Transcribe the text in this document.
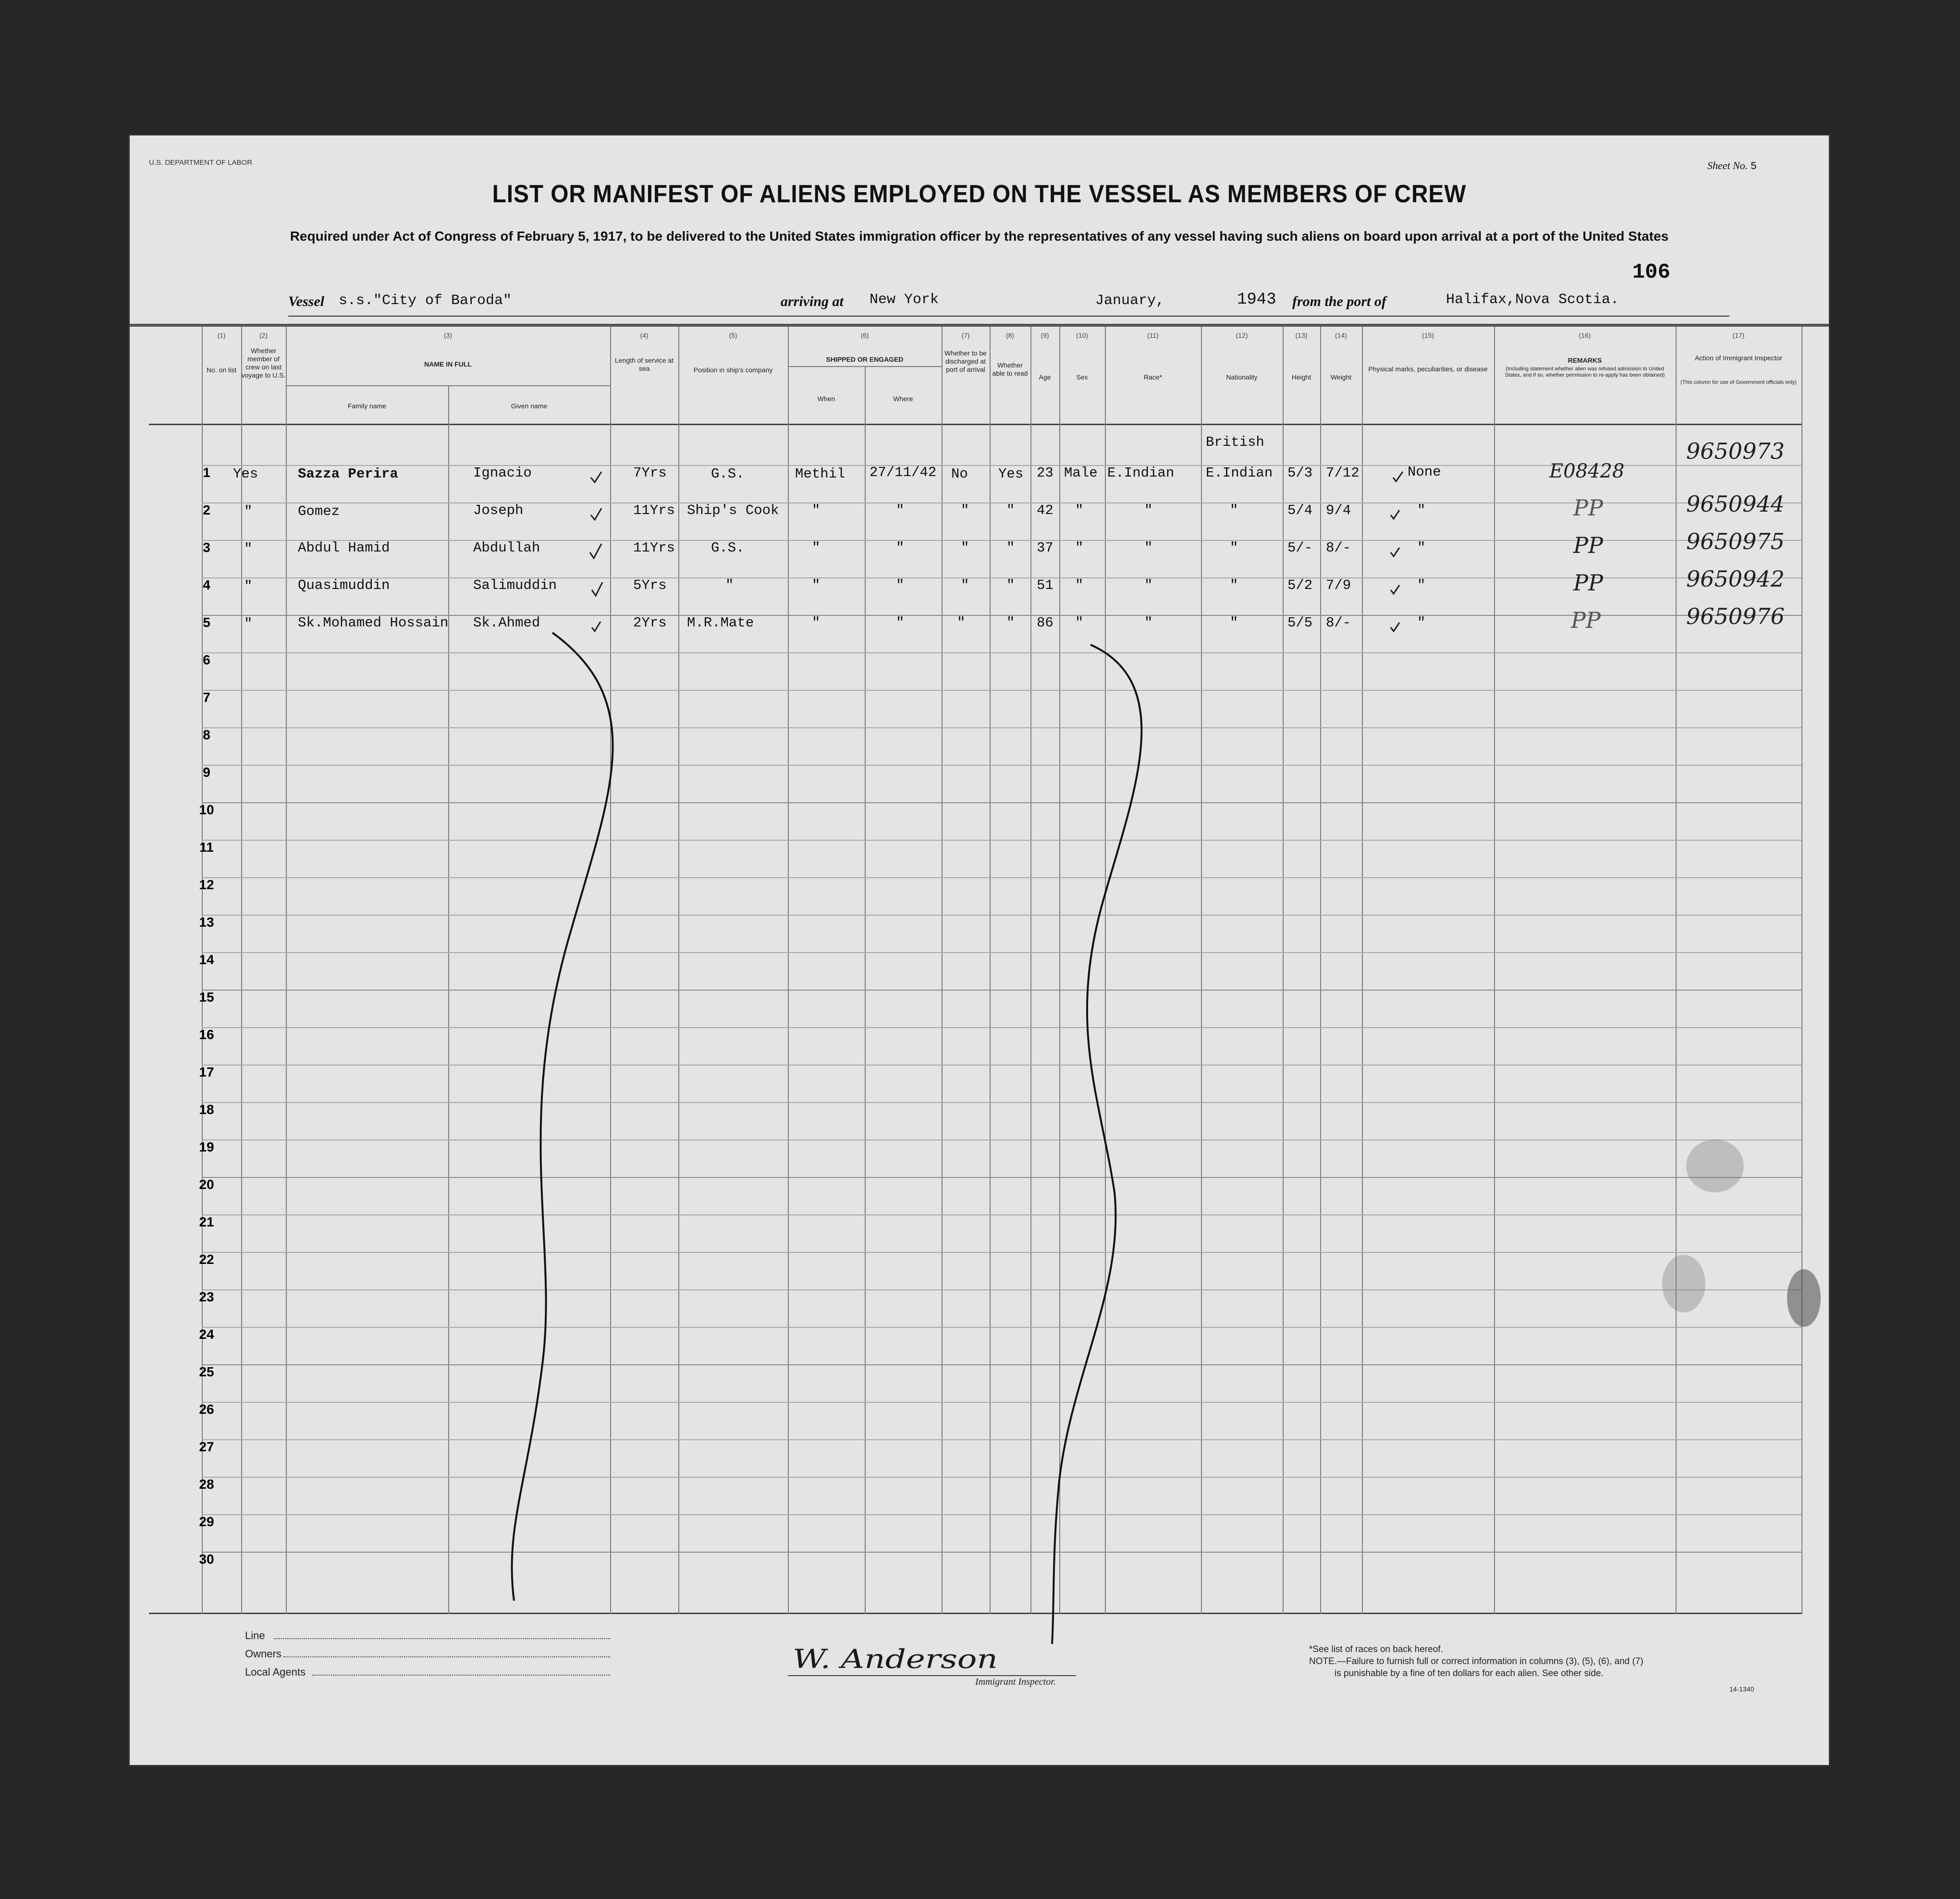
U.S. DEPARTMENT OF LABOR	Sheet No. 5
LIST OR MANIFEST OF ALIENS EMPLOYED ON THE VESSEL AS MEMBERS OF CREW
Required under Act of Congress of February 5, 1917, to be delivered to the United States immigration officer by the representatives of any vessel having such aliens on board upon arrival at a port of the United States
106
Vessel s.s."City of Baroda"	arriving at New York	January,	1943 from the port of	Halifax,Nova Scotia.
(1)	(2)	(3)	(4)	(5)	(6)	(7)	(8)	(9)	(10)	(11)	(12)	(13)	(14)	(15)	(16)	(17)
No. on list
Whether member of crew on last voyage to U.S.
NAME IN FULL
Family name	Given name
Length of service at sea	Position in ship's company
SHIPPED OR ENGAGED
When	Where
Whether to be discharged at port of arrival
Whether able to read	Age	Sex	Race*	Nationality	Height	Weight
Physical marks, peculiarities, or disease
REMARKS
(Including statement whether alien was refused admission to United States, and if so, whether permission to re-apply has been obtained)
Action of Immigrant Inspector
(This column for use of Government officials only)
1
2
3
4
5
6
7
8
9
10
11
12
13
14
15
16
17
18
19
20
21
22
23
24
25
26
27
28
29
30
Yes	Sazza Perira	Ignacio	7Yrs	G.S.	Methil 27/11/42 No Yes 23 Male E.Indian
British
E.Indian 5/3 7/12	None	E08428
9650973
"	Gomez	Joseph	11Yrs Ship's Cook "	"	"	" 42 "	"	"	5/4 9/4	"	PP	9650944
"	Abdul Hamid	Abdullah	11Yrs	G.S.	"	"	"	" 37 "	"	"	5/- 8/-	"	PP	9650975
"	Quasimuddin	Salimuddin	5Yrs	"	"	"	"	" 51 "	"	"	5/2 7/9	"	PP	9650942
"	Sk.Mohamed Hossain Sk.Ahmed	2Yrs M.R.Mate	"	"	"	" 86 "	"	"	5/5 8/-	"	PP	9650976
Line
Owners
Local Agents	W. Anderson
Immigrant Inspector.
*See list of races on back hereof.
NOTE.—Failure to furnish full or correct information in columns (3), (5), (6), and (7)
is punishable by a fine of ten dollars for each alien. See other side.
14-1340
